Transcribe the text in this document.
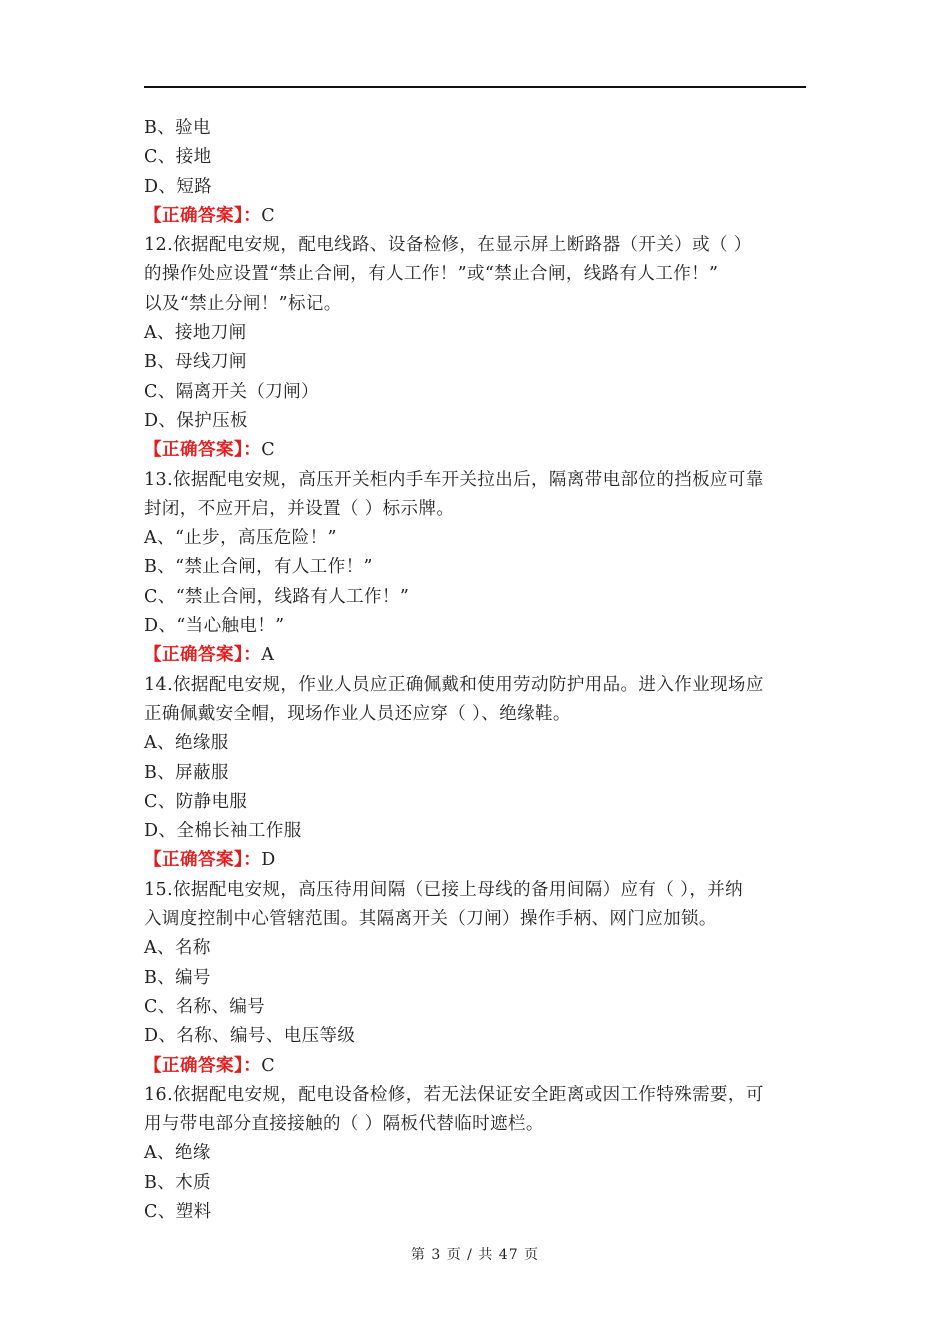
B、验电
C、接地
D、短路
【正确答案】：C
12.依据配电安规，配电线路、设备检修，在显示屏上断路器（开关）或（ ）
的操作处应设置“禁止合闸，有人工作！”或“禁止合闸，线路有人工作！”
以及“禁止分闸！”标记。
A、接地刀闸
B、母线刀闸
C、隔离开关（刀闸）
D、保护压板
【正确答案】：C
13.依据配电安规，高压开关柜内手车开关拉出后，隔离带电部位的挡板应可靠
封闭，不应开启，并设置（ ）标示牌。
A、“止步，高压危险！”
B、“禁止合闸，有人工作！”
C、“禁止合闸，线路有人工作！”
D、“当心触电！”
【正确答案】：A
14.依据配电安规，作业人员应正确佩戴和使用劳动防护用品。进入作业现场应
正确佩戴安全帽，现场作业人员还应穿（ ）、绝缘鞋。
A、绝缘服
B、屏蔽服
C、防静电服
D、全棉长袖工作服
【正确答案】：D
15.依据配电安规，高压待用间隔（已接上母线的备用间隔）应有（ ），并纳
入调度控制中心管辖范围。其隔离开关（刀闸）操作手柄、网门应加锁。
A、名称
B、编号
C、名称、编号
D、名称、编号、电压等级
【正确答案】：C
16.依据配电安规，配电设备检修，若无法保证安全距离或因工作特殊需要，可
用与带电部分直接接触的（ ）隔板代替临时遮栏。
A、绝缘
B、木质
C、塑料
第 3 页 / 共 47 页
